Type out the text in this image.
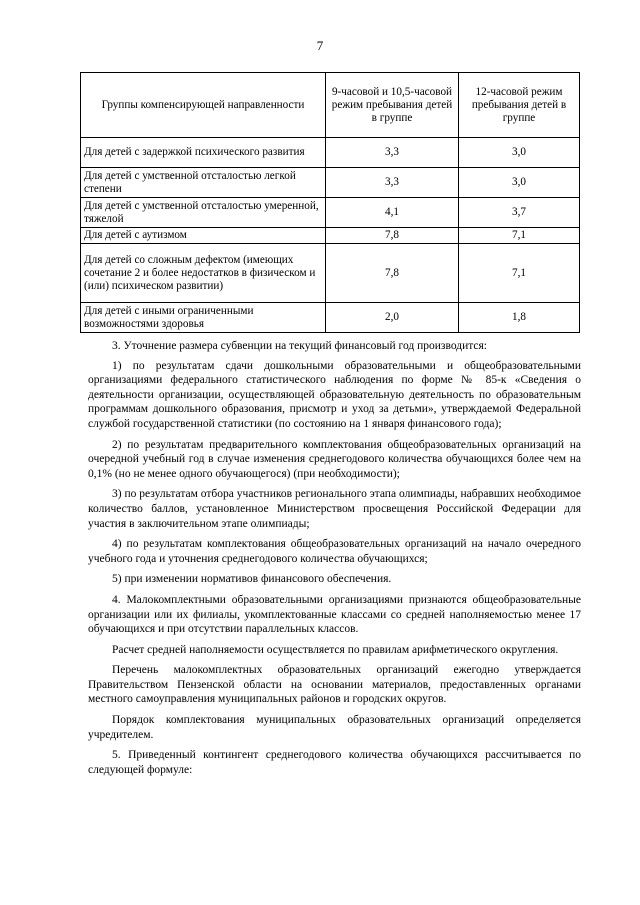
7
Группы компенсирующей направленности	9-часовой и 10,5-часовой режим пребывания детей в группе	12-часовой режим пребывания детей в группе
Для детей с задержкой психического развития	3,3	3,0
Для детей с умственной отсталостью легкой степени	3,3	3,0
Для детей с умственной отсталостью умеренной, тяжелой	4,1	3,7
Для детей с аутизмом	7,8	7,1
Для детей со сложным дефектом (имеющих сочетание 2 и более недостатков в физическом и (или) психическом развитии)	7,8	7,1
Для детей с иными ограниченными возможностями здоровья	2,0	1,8

3. Уточнение размера субвенции на текущий финансовый год производится:

1) по результатам сдачи дошкольными образовательными и общеобразовательными организациями федерального статистического наблюдения по форме № 85-к «Сведения о деятельности организации, осуществляющей образовательную деятельность по образовательным программам дошкольного образования, присмотр и уход за детьми», утверждаемой Федеральной службой государственной статистики (по состоянию на 1 января финансового года);

2) по результатам предварительного комплектования общеобразовательных организаций на очередной учебный год в случае изменения среднегодового количества обучающихся более чем на 0,1% (но не менее одного обучающегося) (при необходимости);

3) по результатам отбора участников регионального этапа олимпиады, набравших необходимое количество баллов, установленное Министерством просвещения Российской Федерации для участия в заключительном этапе олимпиады;

4) по результатам комплектования общеобразовательных организаций на начало очередного учебного года и уточнения среднегодового количества обучающихся;

5) при изменении нормативов финансового обеспечения.

4. Малокомплектными образовательными организациями признаются общеобразовательные организации или их филиалы, укомплектованные классами со средней наполняемостью менее 17 обучающихся и при отсутствии параллельных классов.

Расчет средней наполняемости осуществляется по правилам арифметического округления.

Перечень малокомплектных образовательных организаций ежегодно утверждается Правительством Пензенской области на основании материалов, предоставленных органами местного самоуправления муниципальных районов и городских округов.

Порядок комплектования муниципальных образовательных организаций определяется учредителем.

5. Приведенный контингент среднегодового количества обучающихся рассчитывается по следующей формуле:
